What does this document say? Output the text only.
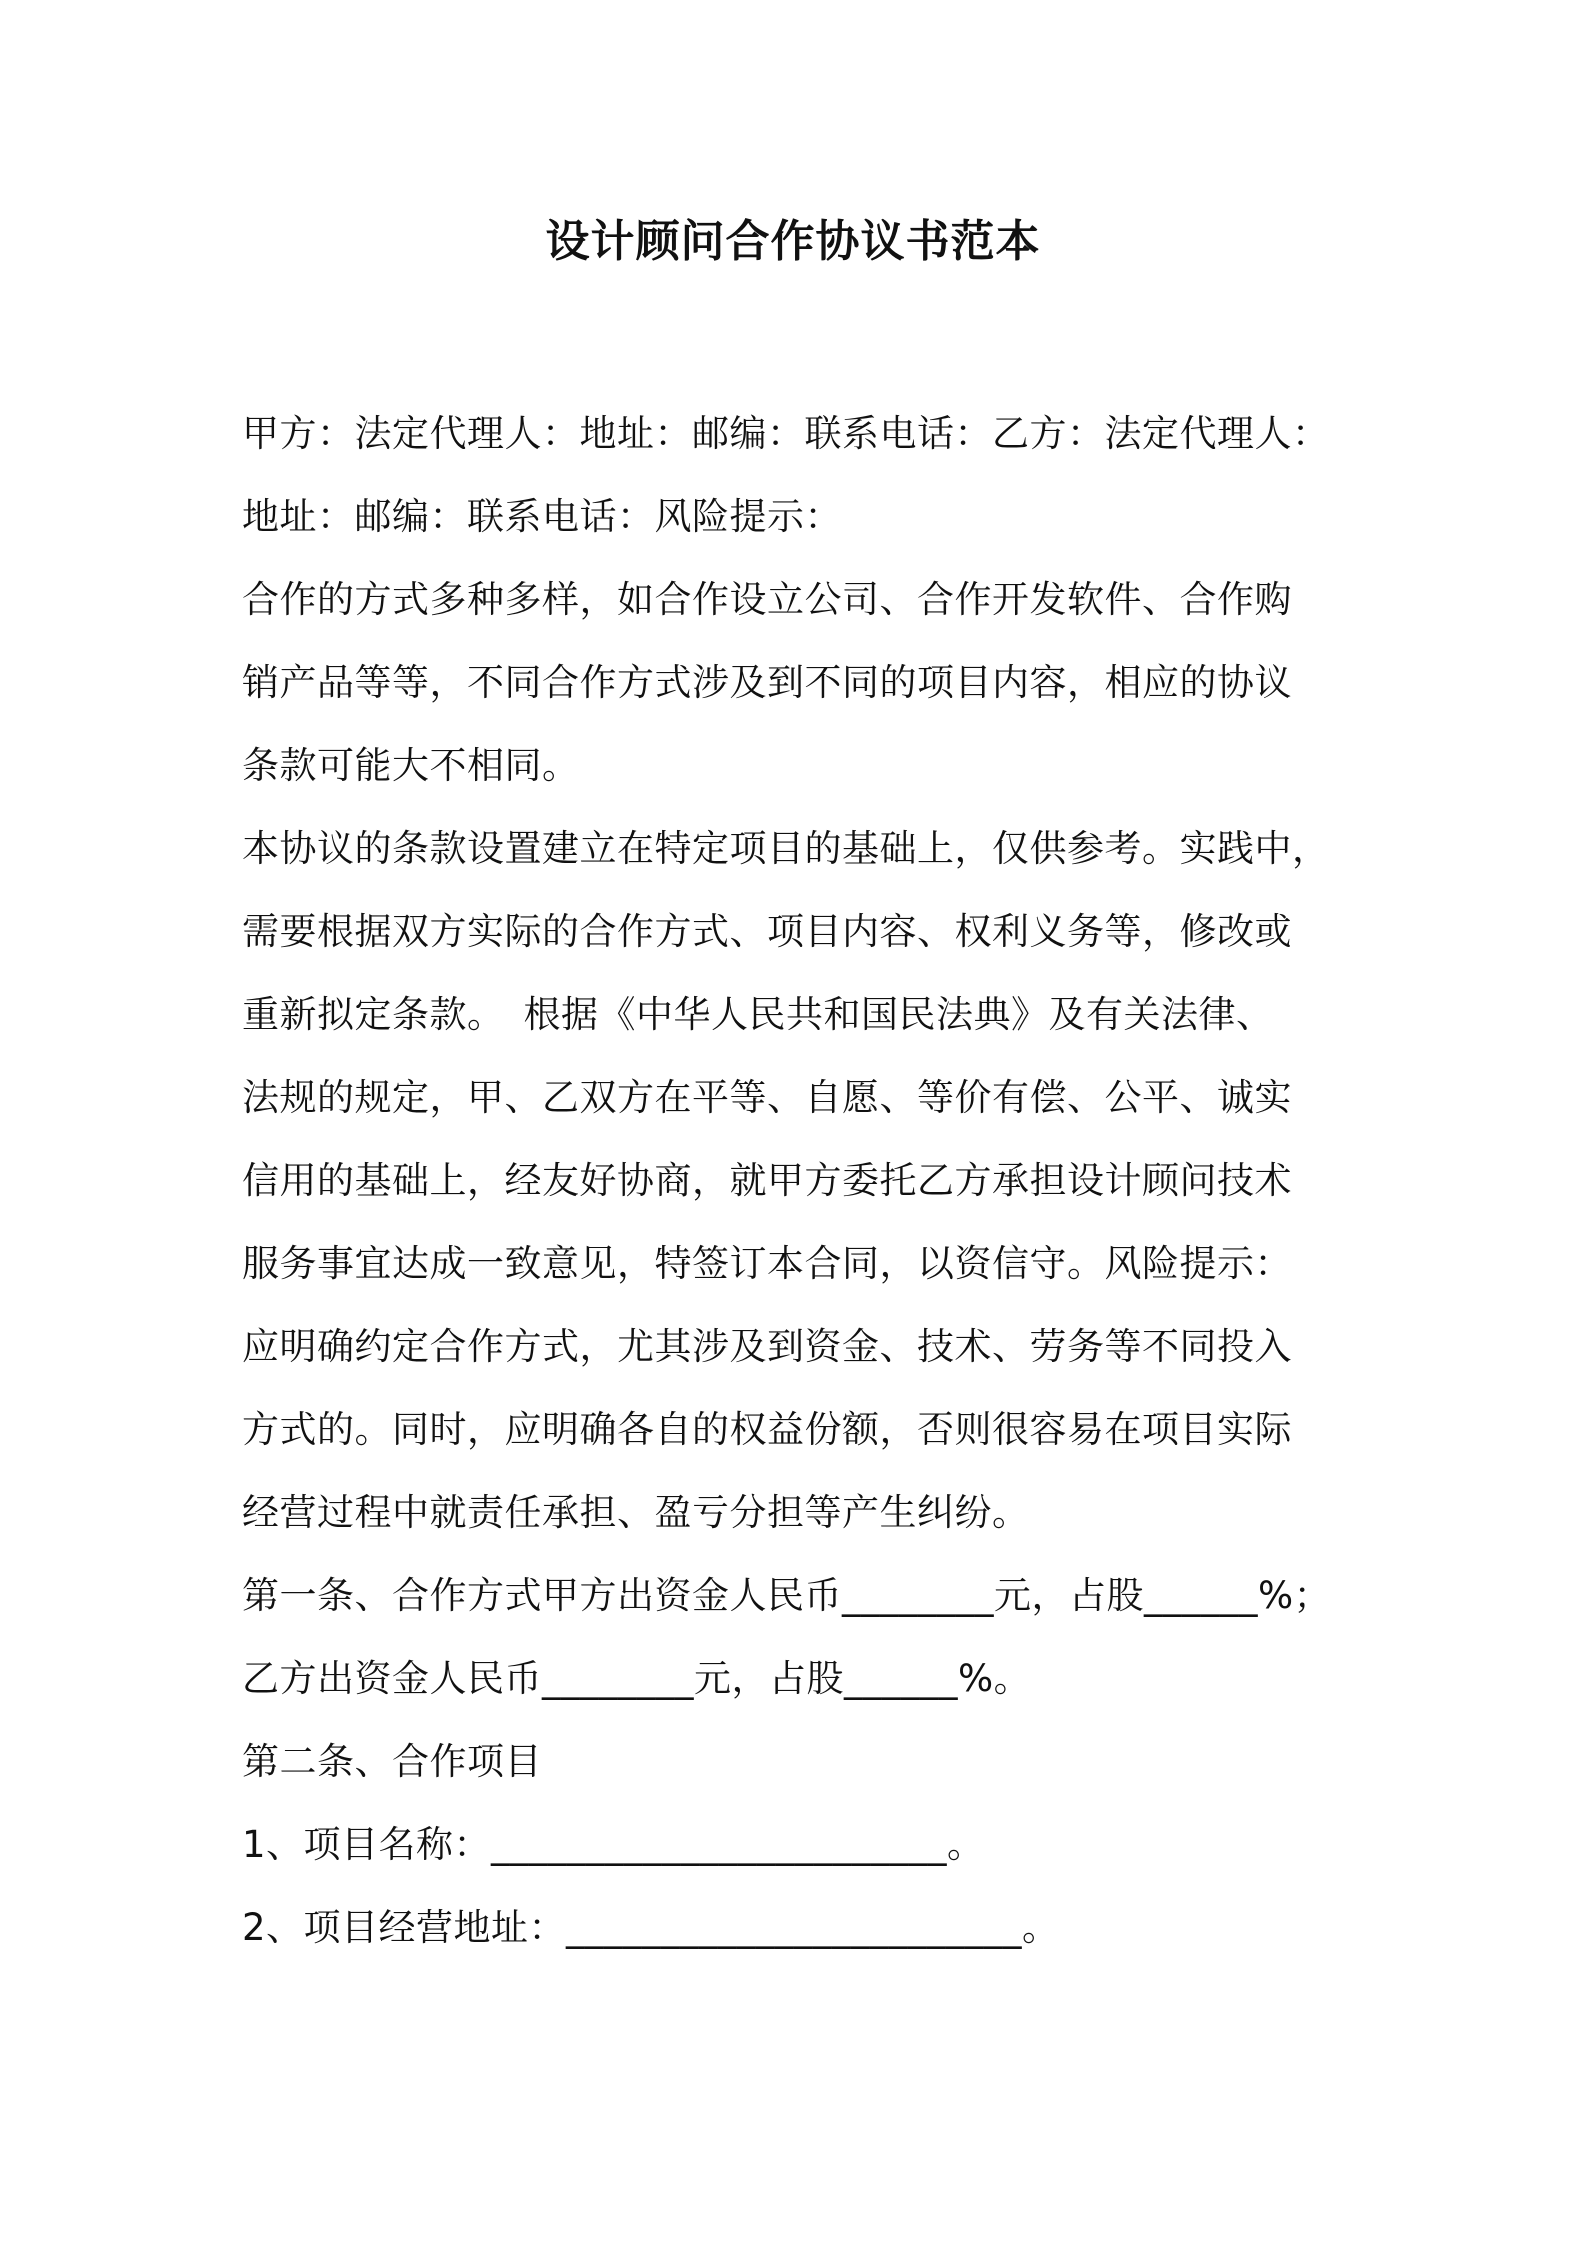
设计顾问合作协议书范本
甲方：法定代理人：地址：邮编：联系电话：乙方：法定代理人：
地址：邮编：联系电话：风险提示：
合作的方式多种多样，如合作设立公司、合作开发软件、合作购
销产品等等，不同合作方式涉及到不同的项目内容，相应的协议
条款可能大不相同。
本协议的条款设置建立在特定项目的基础上，仅供参考。实践中，
需要根据双方实际的合作方式、项目内容、权利义务等，修改或
重新拟定条款。　根据《中华人民共和国民法典》及有关法律、
法规的规定，甲、乙双方在平等、自愿、等价有偿、公平、诚实
信用的基础上，经友好协商，就甲方委托乙方承担设计顾问技术
服务事宜达成一致意见，特签订本合同，以资信守。风险提示：
应明确约定合作方式，尤其涉及到资金、技术、劳务等不同投入
方式的。同时，应明确各自的权益份额，否则很容易在项目实际
经营过程中就责任承担、盈亏分担等产生纠纷。
第一条、合作方式甲方出资金人民币________元，占股______%；
乙方出资金人民币________元，占股______%。
第二条、合作项目
1、项目名称：________________________。
2、项目经营地址：________________________。
